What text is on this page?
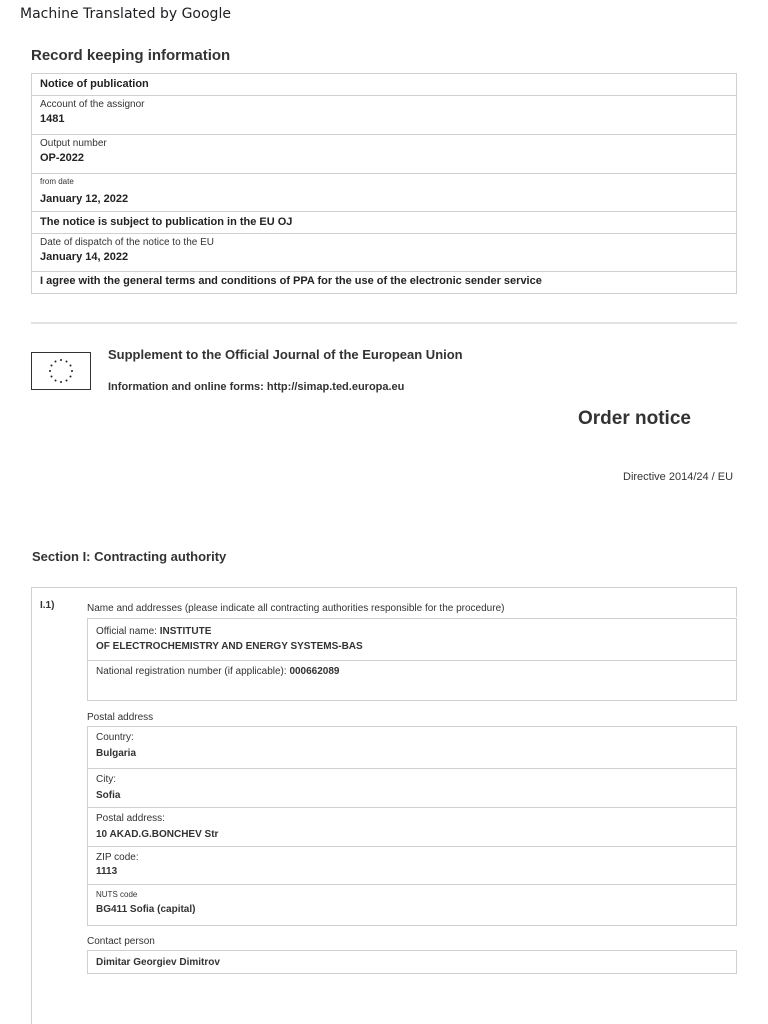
Machine Translated by Google
Record keeping information
Notice of publication
Account of the assignor
1481
Output number
OP-2022
from date
January 12, 2022
The notice is subject to publication in the EU OJ
Date of dispatch of the notice to the EU
January 14, 2022
I agree with the general terms and conditions of PPA for the use of the electronic sender service
Supplement to the Official Journal of the European Union
Information and online forms: http://simap.ted.europa.eu
Order notice
Directive 2014/24 / EU
Section I: Contracting authority
I.1)	Name and addresses (please indicate all contracting authorities responsible for the procedure)
Official name: INSTITUTE
OF ELECTROCHEMISTRY AND ENERGY SYSTEMS-BAS
National registration number (if applicable): 000662089
Postal address
Country:
Bulgaria
City:
Sofia
Postal address:
10 AKAD.G.BONCHEV Str
ZIP code:
1113
NUTS code
BG411 Sofia (capital)
Contact person
Dimitar Georgiev Dimitrov
